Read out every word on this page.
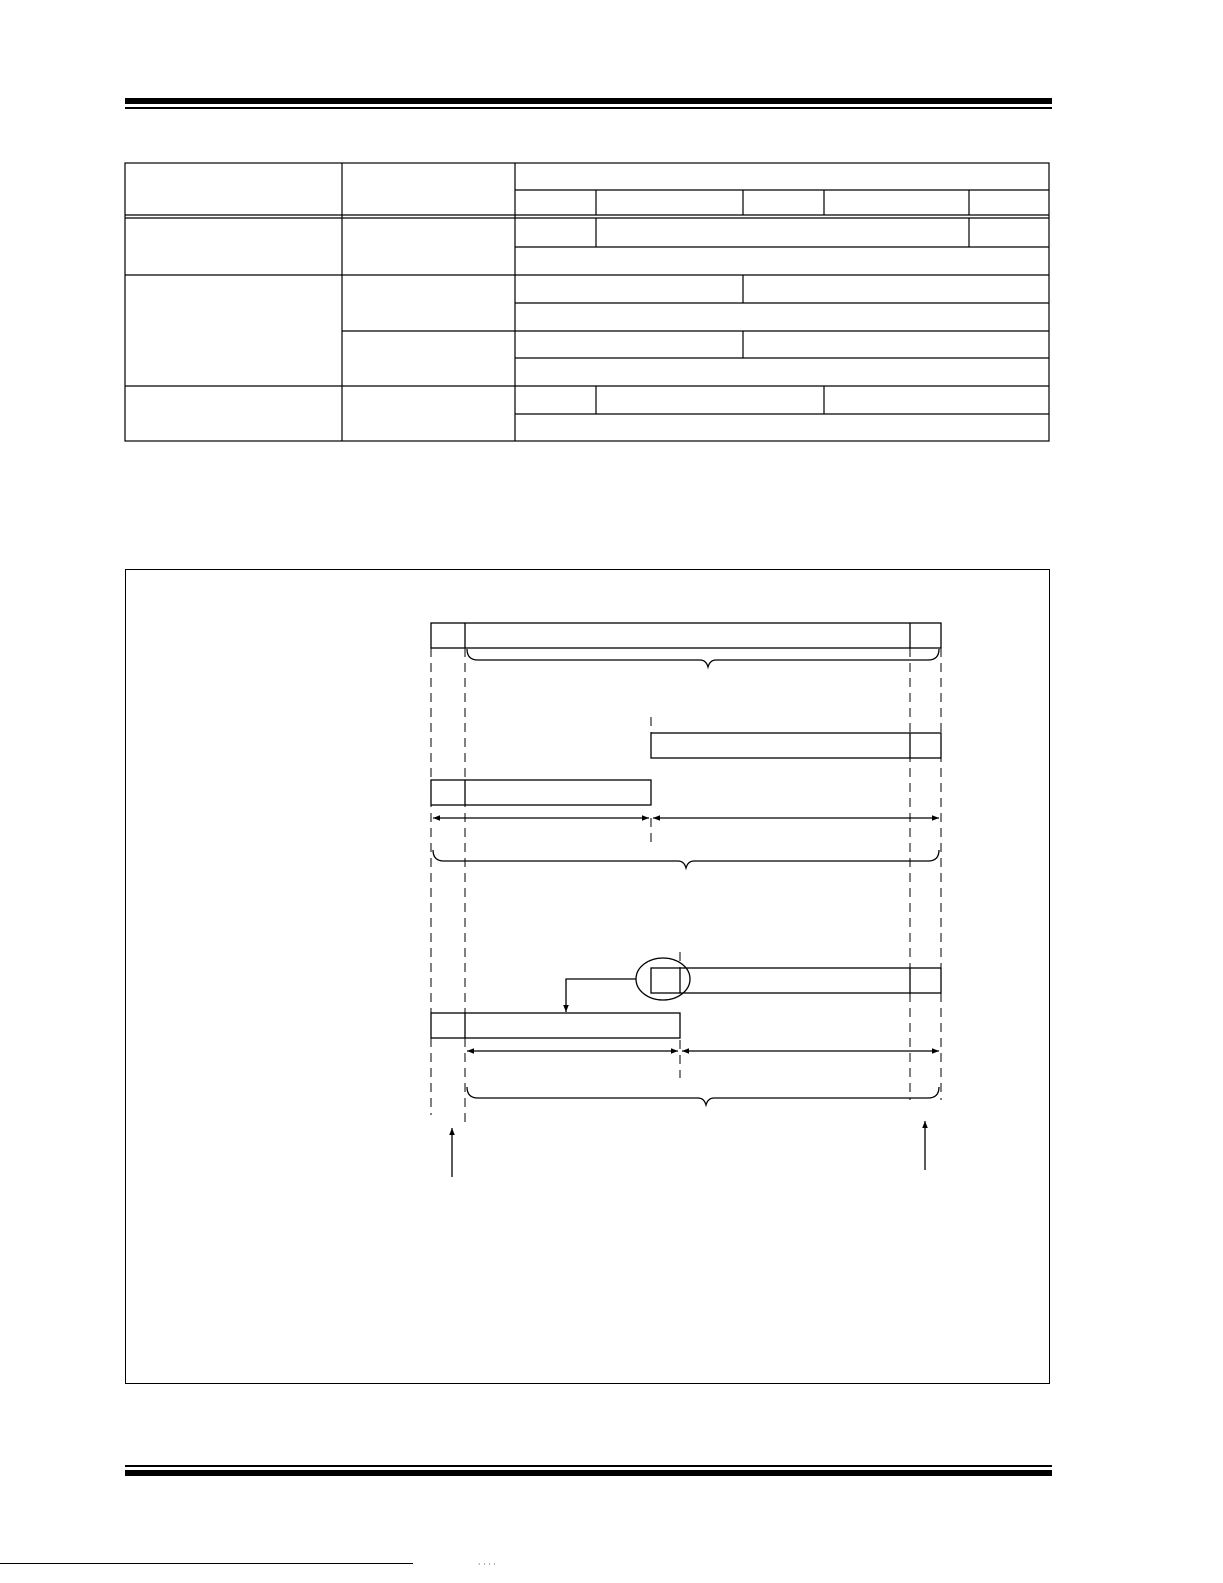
· · · ·
